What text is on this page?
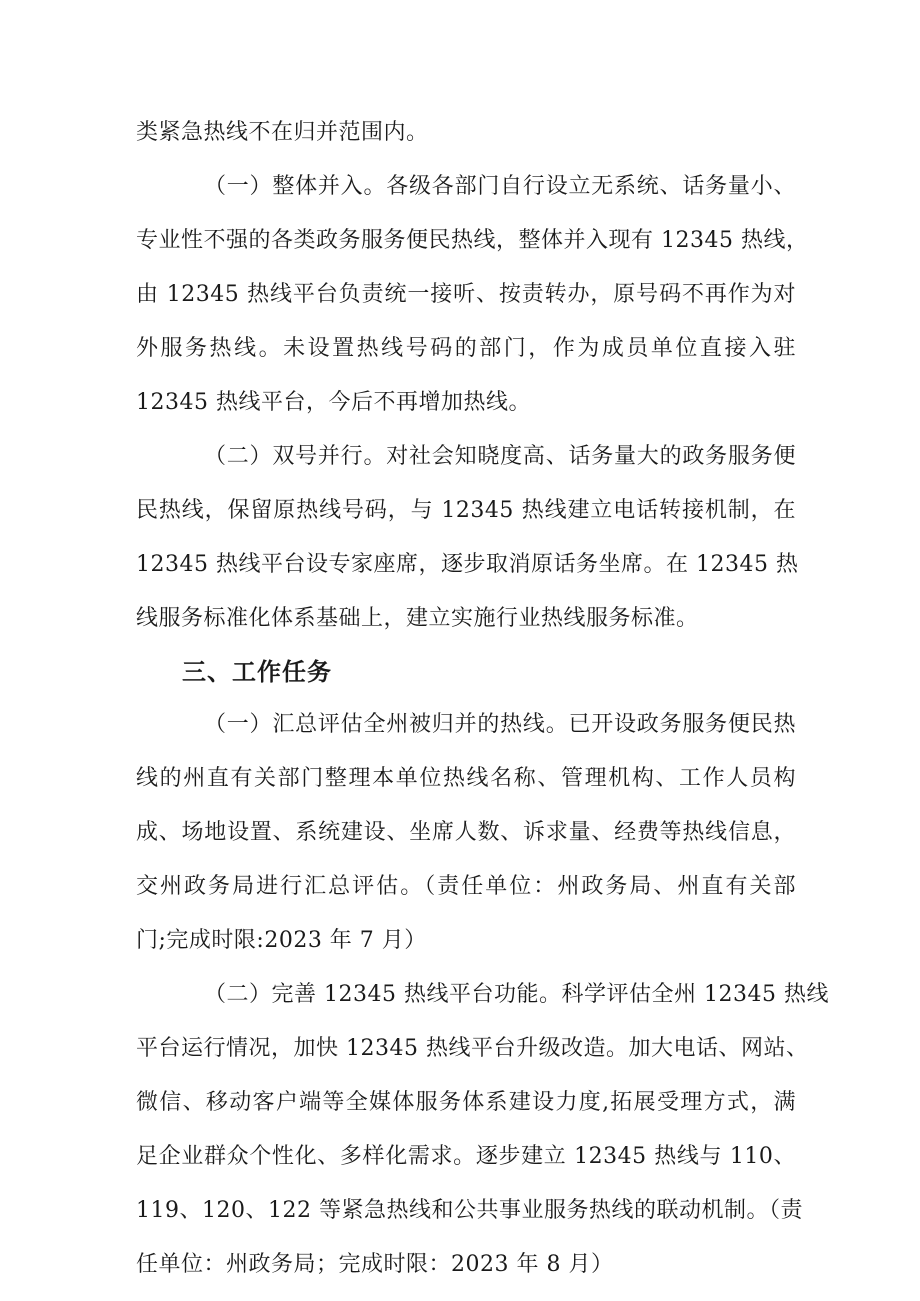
类紧急热线不在归并范围内。
（一）整体并入。各级各部门自行设立无系统、话务量小、
专业性不强的各类政务服务便民热线，整体并入现有 12345 热线，
由 12345 热线平台负责统一接听、按责转办，原号码不再作为对
外服务热线。未设置热线号码的部门，作为成员单位直接入驻
12345 热线平台，今后不再增加热线。
（二）双号并行。对社会知晓度高、话务量大的政务服务便
民热线，保留原热线号码，与 12345 热线建立电话转接机制，在
12345 热线平台设专家座席，逐步取消原话务坐席。在 12345 热
线服务标准化体系基础上，建立实施行业热线服务标准。
三、工作任务
（一）汇总评估全州被归并的热线。已开设政务服务便民热
线的州直有关部门整理本单位热线名称、管理机构、工作人员构
成、场地设置、系统建设、坐席人数、诉求量、经费等热线信息，
交州政务局进行汇总评估。（责任单位：州政务局、州直有关部
门;完成时限:2023 年 7 月）
（二）完善 12345 热线平台功能。科学评估全州 12345 热线
平台运行情况，加快 12345 热线平台升级改造。加大电话、网站、
微信、移动客户端等全媒体服务体系建设力度,拓展受理方式，满
足企业群众个性化、多样化需求。逐步建立 12345 热线与 110、
119、120、122 等紧急热线和公共事业服务热线的联动机制。（责
任单位：州政务局；完成时限：2023 年 8 月）
